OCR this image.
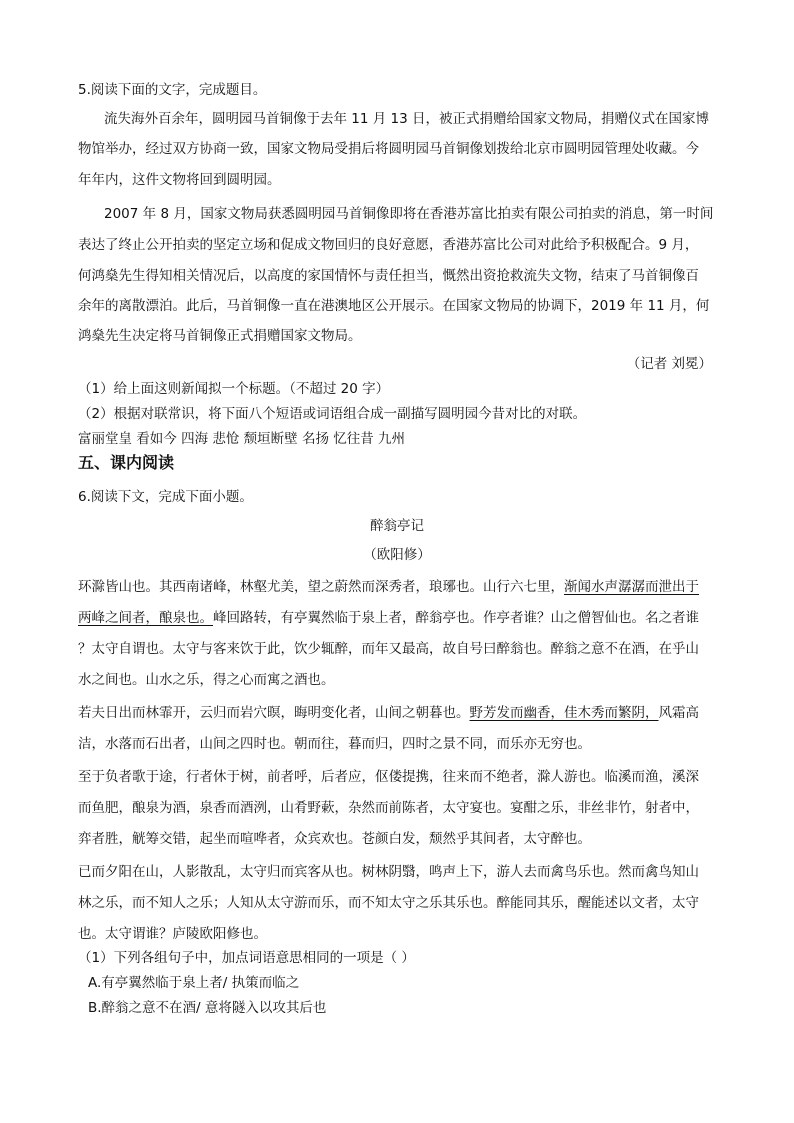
5.阅读下面的文字，完成题目。
流失海外百余年，圆明园马首铜像于去年 11 月 13 日，被正式捐赠给国家文物局，捐赠仪式在国家博
物馆举办，经过双方协商一致，国家文物局受捐后将圆明园马首铜像划拨给北京市圆明园管理处收藏。今
年年内，这件文物将回到圆明园。
2007 年 8 月，国家文物局获悉圆明园马首铜像即将在香港苏富比拍卖有限公司拍卖的消息，第一时间
表达了终止公开拍卖的坚定立场和促成文物回归的良好意愿，香港苏富比公司对此给予积极配合。9 月，
何鸿燊先生得知相关情况后，以高度的家国情怀与责任担当，慨然出资抢救流失文物，结束了马首铜像百
余年的离散漂泊。此后，马首铜像一直在港澳地区公开展示。在国家文物局的协调下，2019 年 11 月，何
鸿燊先生决定将马首铜像正式捐赠国家文物局。
（记者 刘冕）
（1）给上面这则新闻拟一个标题。（不超过 20 字）
（2）根据对联常识，将下面八个短语或词语组合成一副描写圆明园今昔对比的对联。
富丽堂皇 看如今 四海 悲怆 颓垣断壁 名扬 忆往昔 九州
五、课内阅读
6.阅读下文，完成下面小题。
醉翁亭记
（欧阳修）
环滁皆山也。其西南诸峰，林壑尤美，望之蔚然而深秀者，琅琊也。山行六七里，渐闻水声潺潺而泄出于
两峰之间者，酿泉也。峰回路转，有亭翼然临于泉上者，醉翁亭也。作亭者谁？山之僧智仙也。名之者谁
？太守自谓也。太守与客来饮于此，饮少辄醉，而年又最高，故自号曰醉翁也。醉翁之意不在酒，在乎山
水之间也。山水之乐，得之心而寓之酒也。
若夫日出而林霏开，云归而岩穴暝，晦明变化者，山间之朝暮也。野芳发而幽香，佳木秀而繁阴，风霜高
洁，水落而石出者，山间之四时也。朝而往，暮而归，四时之景不同，而乐亦无穷也。
至于负者歌于途，行者休于树，前者呼，后者应，伛偻提携，往来而不绝者，滁人游也。临溪而渔，溪深
而鱼肥，酿泉为酒，泉香而酒洌，山肴野蔌，杂然而前陈者，太守宴也。宴酣之乐，非丝非竹，射者中，
弈者胜，觥筹交错，起坐而喧哗者，众宾欢也。苍颜白发，颓然乎其间者，太守醉也。
已而夕阳在山，人影散乱，太守归而宾客从也。树林阴翳，鸣声上下，游人去而禽鸟乐也。然而禽鸟知山
林之乐，而不知人之乐；人知从太守游而乐，而不知太守之乐其乐也。醉能同其乐，醒能述以文者，太守
也。太守谓谁？庐陵欧阳修也。
（1）下列各组句子中，加点词语意思相同的一项是（ ）
A.有亭翼然临于泉上者/ 执策而临之
B.醉翁之意不在酒/ 意将隧入以攻其后也
